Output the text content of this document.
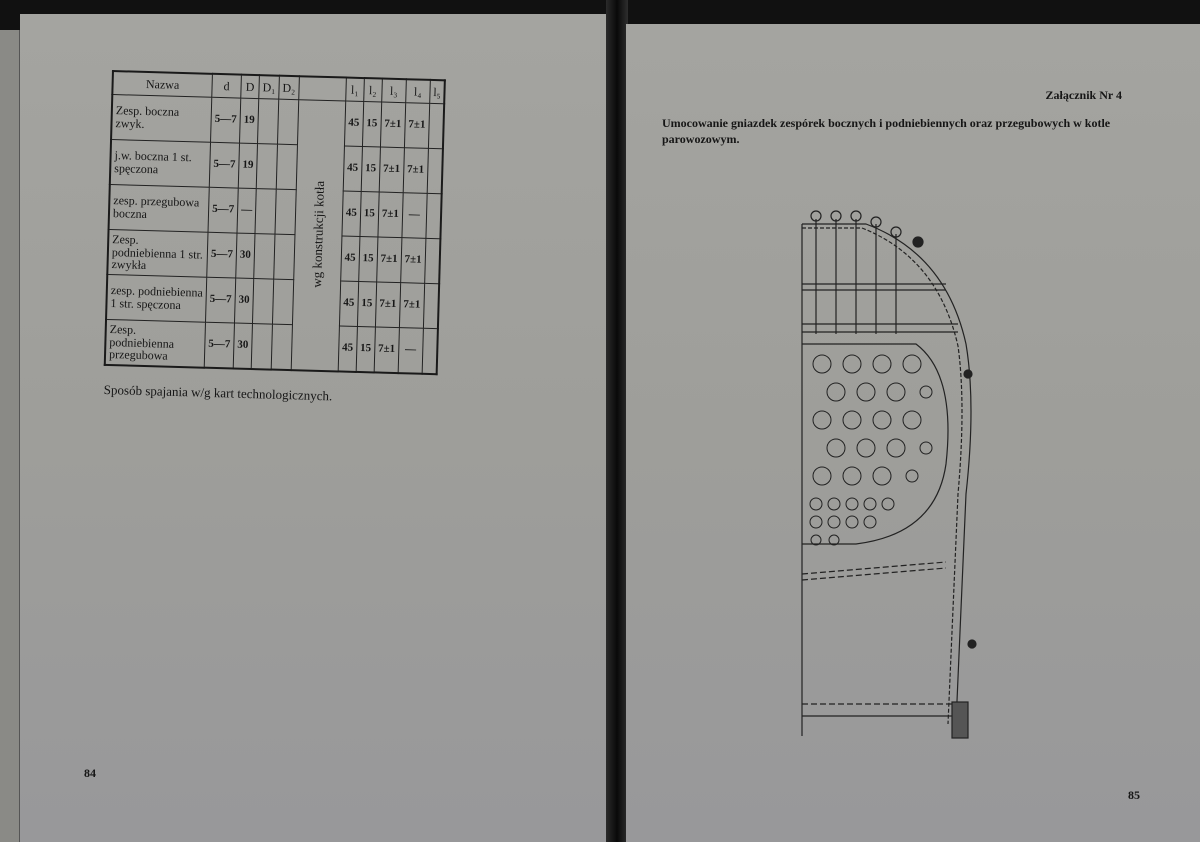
Nazwa	d	D	D₁	D₂		l₁	l₂	l₃	l₄	l₅
Zesp. boczna zwyk.	5—7	19			wg konstrukcji kotła	45	15	7±1	7±1	
j.w. boczna 1 st. spęczona	5—7	19				45	15	7±1	7±1	
zesp. przegubowa boczna	5—7	—				45	15	7±1	—	
Zesp. podniebienna 1 str. zwykła	5—7	30				45	15	7±1	7±1	
zesp. podniebienna 1 str. spęczona	5—7	30				45	15	7±1	7±1	
Zesp. podniebienna przegubowa	5—7	30				45	15	7±1	—	
Sposób spajania w/g kart technologicznych.
84
Załącznik Nr 4
Umocowanie gniazdek zespórek bocznych i podniebiennych oraz przegubowych w kotle parowozowym.
85
